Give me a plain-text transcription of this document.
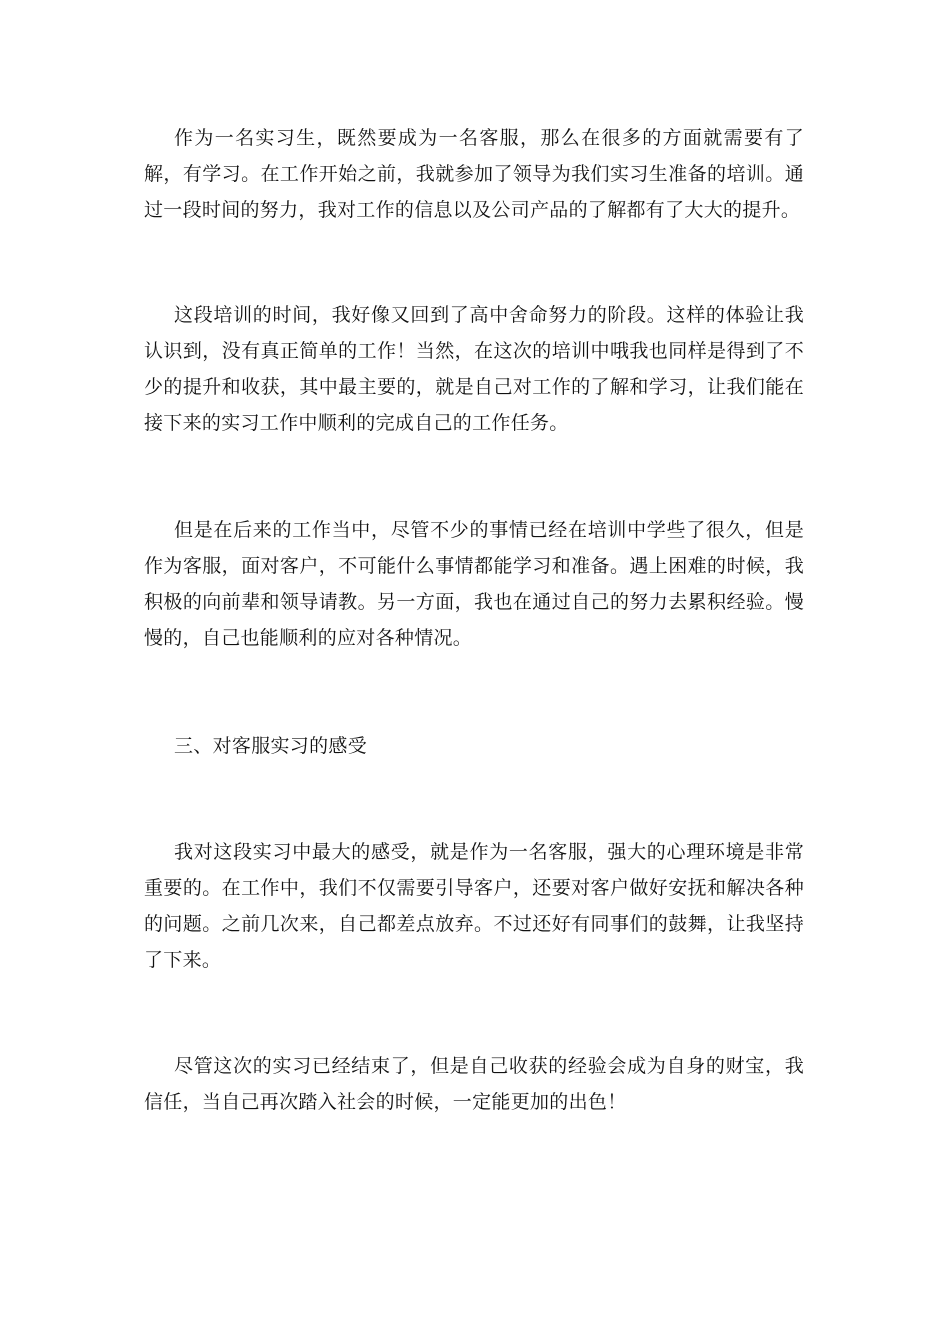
作为一名实习生，既然要成为一名客服，那么在很多的方面就需要有了解，有学习。在工作开始之前，我就参加了领导为我们实习生准备的培训。通过一段时间的努力，我对工作的信息以及公司产品的了解都有了大大的提升。

这段培训的时间，我好像又回到了高中舍命努力的阶段。这样的体验让我认识到，没有真正简单的工作！当然，在这次的培训中哦我也同样是得到了不少的提升和收获，其中最主要的，就是自己对工作的了解和学习，让我们能在接下来的实习工作中顺利的完成自己的工作任务。

但是在后来的工作当中，尽管不少的事情已经在培训中学些了很久，但是作为客服，面对客户，不可能什么事情都能学习和准备。遇上困难的时候，我积极的向前辈和领导请教。另一方面，我也在通过自己的努力去累积经验。慢慢的，自己也能顺利的应对各种情况。

三、对客服实习的感受

我对这段实习中最大的感受，就是作为一名客服，强大的心理环境是非常重要的。在工作中，我们不仅需要引导客户，还要对客户做好安抚和解决各种的问题。之前几次来，自己都差点放弃。不过还好有同事们的鼓舞，让我坚持了下来。

尽管这次的实习已经结束了，但是自己收获的经验会成为自身的财宝，我信任，当自己再次踏入社会的时候，一定能更加的出色！
